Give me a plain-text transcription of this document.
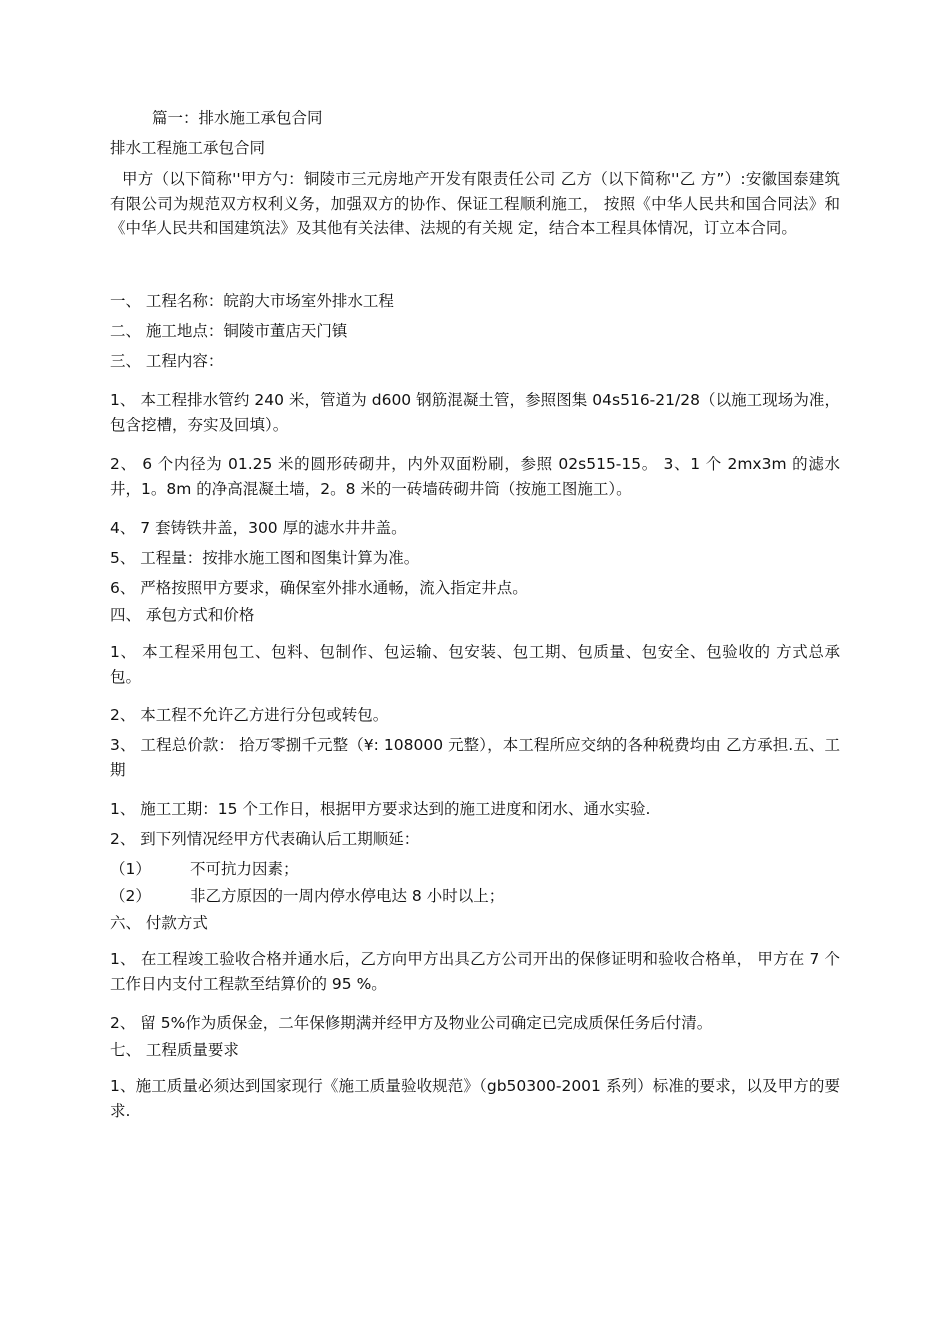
篇一：排水施工承包合同
排水工程施工承包合同
甲方（以下简称''甲方勺：铜陵市三元房地产开发有限责任公司 乙方（以下简称''乙 方”）:安徽国泰建筑有限公司为规范双方权利义务，加强双方的协作、保证工程顺利施工， 按照《中华人民共和国合同法》和《中华人民共和国建筑法》及其他有关法律、法规的有关规 定，结合本工程具体情况，订立本合同。
一、 工程名称：皖韵大市场室外排水工程
二、 施工地点：铜陵市董店天门镇
三、 工程内容：
1、 本工程排水管约 240 米，管道为 d600 钢筋混凝土管，参照图集 04s516-21/28（以施工现场为准，包含挖槽，夯实及回填）。
2、 6 个内径为 01.25 米的圆形砖砌井，内外双面粉刷，参照 02s515-15。 3、1 个 2mx3m 的滤水井，1。8m 的净高混凝土墙，2。8 米的一砖墙砖砌井筒（按施工图施工）。
4、 7 套铸铁井盖，300 厚的滤水井井盖。
5、 工程量：按排水施工图和图集计算为准。
6、 严格按照甲方要求，确保室外排水通畅，流入指定井点。
四、 承包方式和价格
1、 本工程采用包工、包料、包制作、包运输、包安装、包工期、包质量、包安全、包验收的 方式总承包。
2、 本工程不允许乙方进行分包或转包。
3、 工程总价款： 拾万零捌千元整（¥: 108000 元整），本工程所应交纳的各种税费均由 乙方承担.五、工期
1、 施工工期：15 个工作日，根据甲方要求达到的施工进度和闭水、通水实验.
2、 到下列情况经甲方代表确认后工期顺延：
（1）	不可抗力因素；
（2）	非乙方原因的一周内停水停电达 8 小时以上；
六、 付款方式
1、 在工程竣工验收合格并通水后，乙方向甲方出具乙方公司开出的保修证明和验收合格单， 甲方在 7 个工作日内支付工程款至结算价的 95 %。
2、 留 5%作为质保金，二年保修期满并经甲方及物业公司确定已完成质保任务后付清。
七、 工程质量要求
1、施工质量必须达到国家现行《施工质量验收规范》（gb50300-2001 系列）标准的要求，以及甲方的要求.
